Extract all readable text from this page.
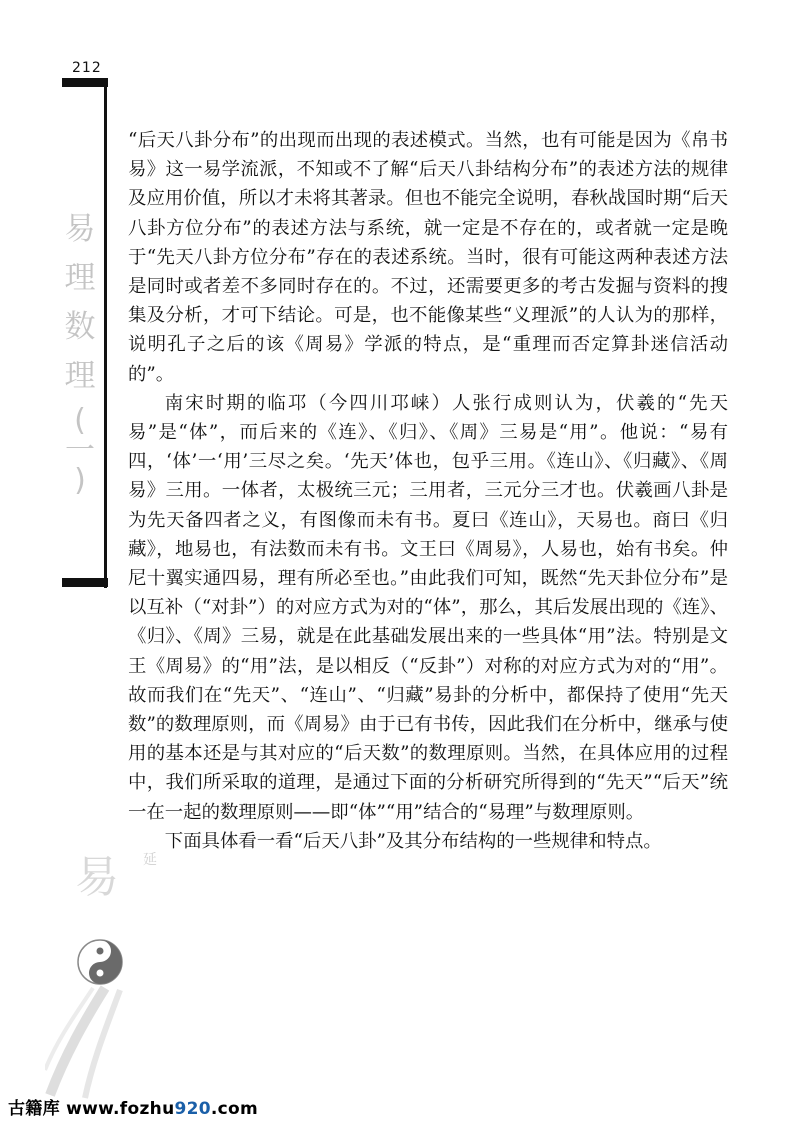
212
易
理
数
理
(
一
)

“后天八卦分布”的出现而出现的表述模式。当然，也有可能是因为《帛书易》这一易学流派，不知或不了解“后天八卦结构分布”的表述方法的规律及应用价值，所以才未将其著录。但也不能完全说明，春秋战国时期“后天八卦方位分布”的表述方法与系统，就一定是不存在的，或者就一定是晚于“先天八卦方位分布”存在的表述系统。当时，很有可能这两种表述方法是同时或者差不多同时存在的。不过，还需要更多的考古发掘与资料的搜集及分析，才可下结论。可是，也不能像某些“义理派”的人认为的那样，说明孔子之后的该《周易》学派的特点，是“重理而否定算卦迷信活动的”。

南宋时期的临邛（今四川邛崃）人张行成则认为，伏羲的“先天易”是“体”，而后来的《连》、《归》、《周》三易是“用”。他说：“易有四，‘体’一‘用’三尽之矣。‘先天’体也，包乎三用。《连山》、《归藏》、《周易》三用。一体者，太极统三元；三用者，三元分三才也。伏羲画八卦是为先天备四者之义，有图像而未有书。夏曰《连山》，天易也。商曰《归藏》，地易也，有法数而未有书。文王曰《周易》，人易也，始有书矣。仲尼十翼实通四易，理有所必至也。”由此我们可知，既然“先天卦位分布”是以互补（“对卦”）的对应方式为对的“体”，那么，其后发展出现的《连》、《归》、《周》三易，就是在此基础发展出来的一些具体“用”法。特别是文王《周易》的“用”法，是以相反（“反卦”）对称的对应方式为对的“用”。故而我们在“先天”、“连山”、“归藏”易卦的分析中，都保持了使用“先天数”的数理原则，而《周易》由于已有书传，因此我们在分析中，继承与使用的基本还是与其对应的“后天数”的数理原则。当然，在具体应用的过程中，我们所采取的道理，是通过下面的分析研究所得到的“先天”“后天”统一在一起的数理原则——即“体”“用”结合的“易理”与数理原则。

下面具体看一看“后天八卦”及其分布结构的一些规律和特点。

易 延
古籍库 www.fozhu920.com
